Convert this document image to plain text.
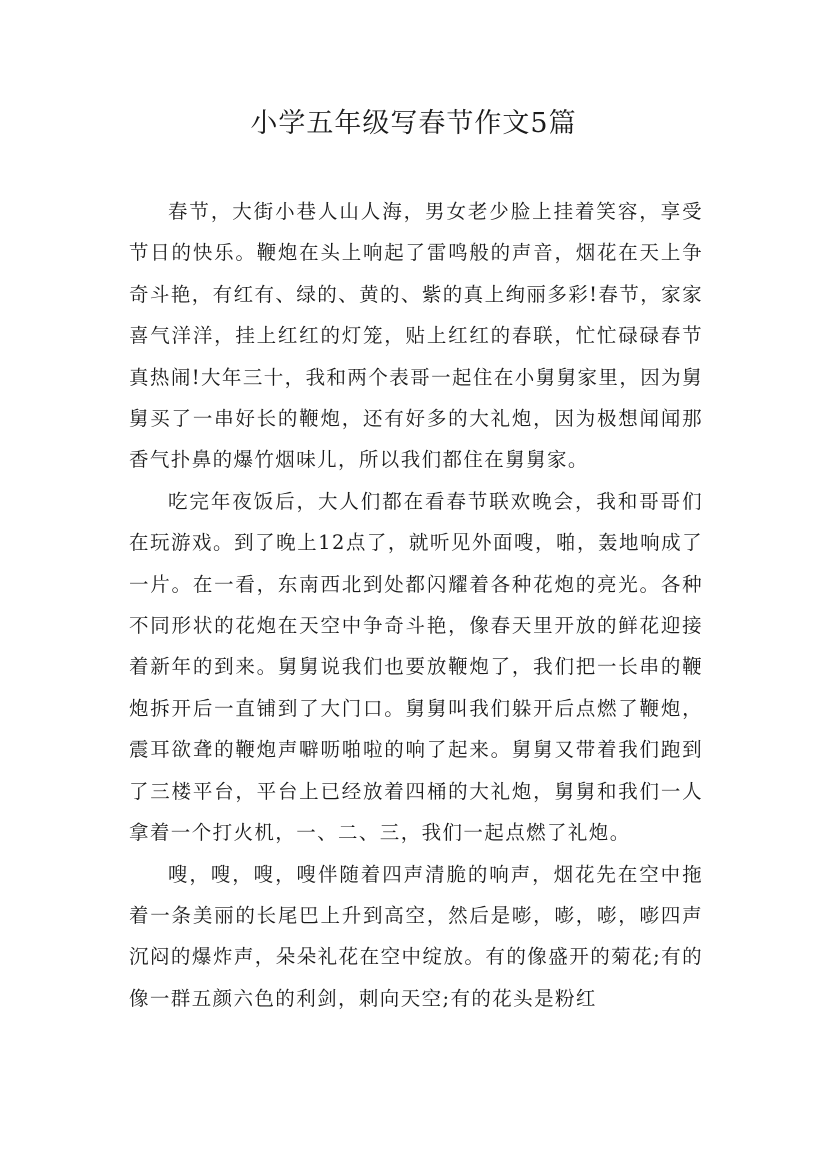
小学五年级写春节作文5篇

春节，大街小巷人山人海，男女老少脸上挂着笑容，享受节日的快乐。鞭炮在头上响起了雷鸣般的声音，烟花在天上争奇斗艳，有红有、绿的、黄的、紫的真上绚丽多彩!春节，家家喜气洋洋，挂上红红的灯笼，贴上红红的春联，忙忙碌碌春节真热闹!大年三十，我和两个表哥一起住在小舅舅家里，因为舅舅买了一串好长的鞭炮，还有好多的大礼炮，因为极想闻闻那香气扑鼻的爆竹烟味儿，所以我们都住在舅舅家。

吃完年夜饭后，大人们都在看春节联欢晚会，我和哥哥们在玩游戏。到了晚上12点了，就听见外面嗖，啪，轰地响成了一片。在一看，东南西北到处都闪耀着各种花炮的亮光。各种不同形状的花炮在天空中争奇斗艳，像春天里开放的鲜花迎接着新年的到来。舅舅说我们也要放鞭炮了，我们把一长串的鞭炮拆开后一直铺到了大门口。舅舅叫我们躲开后点燃了鞭炮，震耳欲聋的鞭炮声噼呖啪啦的响了起来。舅舅又带着我们跑到了三楼平台，平台上已经放着四桶的大礼炮，舅舅和我们一人拿着一个打火机，一、二、三，我们一起点燃了礼炮。

嗖，嗖，嗖，嗖伴随着四声清脆的响声，烟花先在空中拖着一条美丽的长尾巴上升到高空，然后是嘭，嘭，嘭，嘭四声沉闷的爆炸声，朵朵礼花在空中绽放。有的像盛开的菊花;有的像一群五颜六色的利剑，刺向天空;有的花头是粉红
